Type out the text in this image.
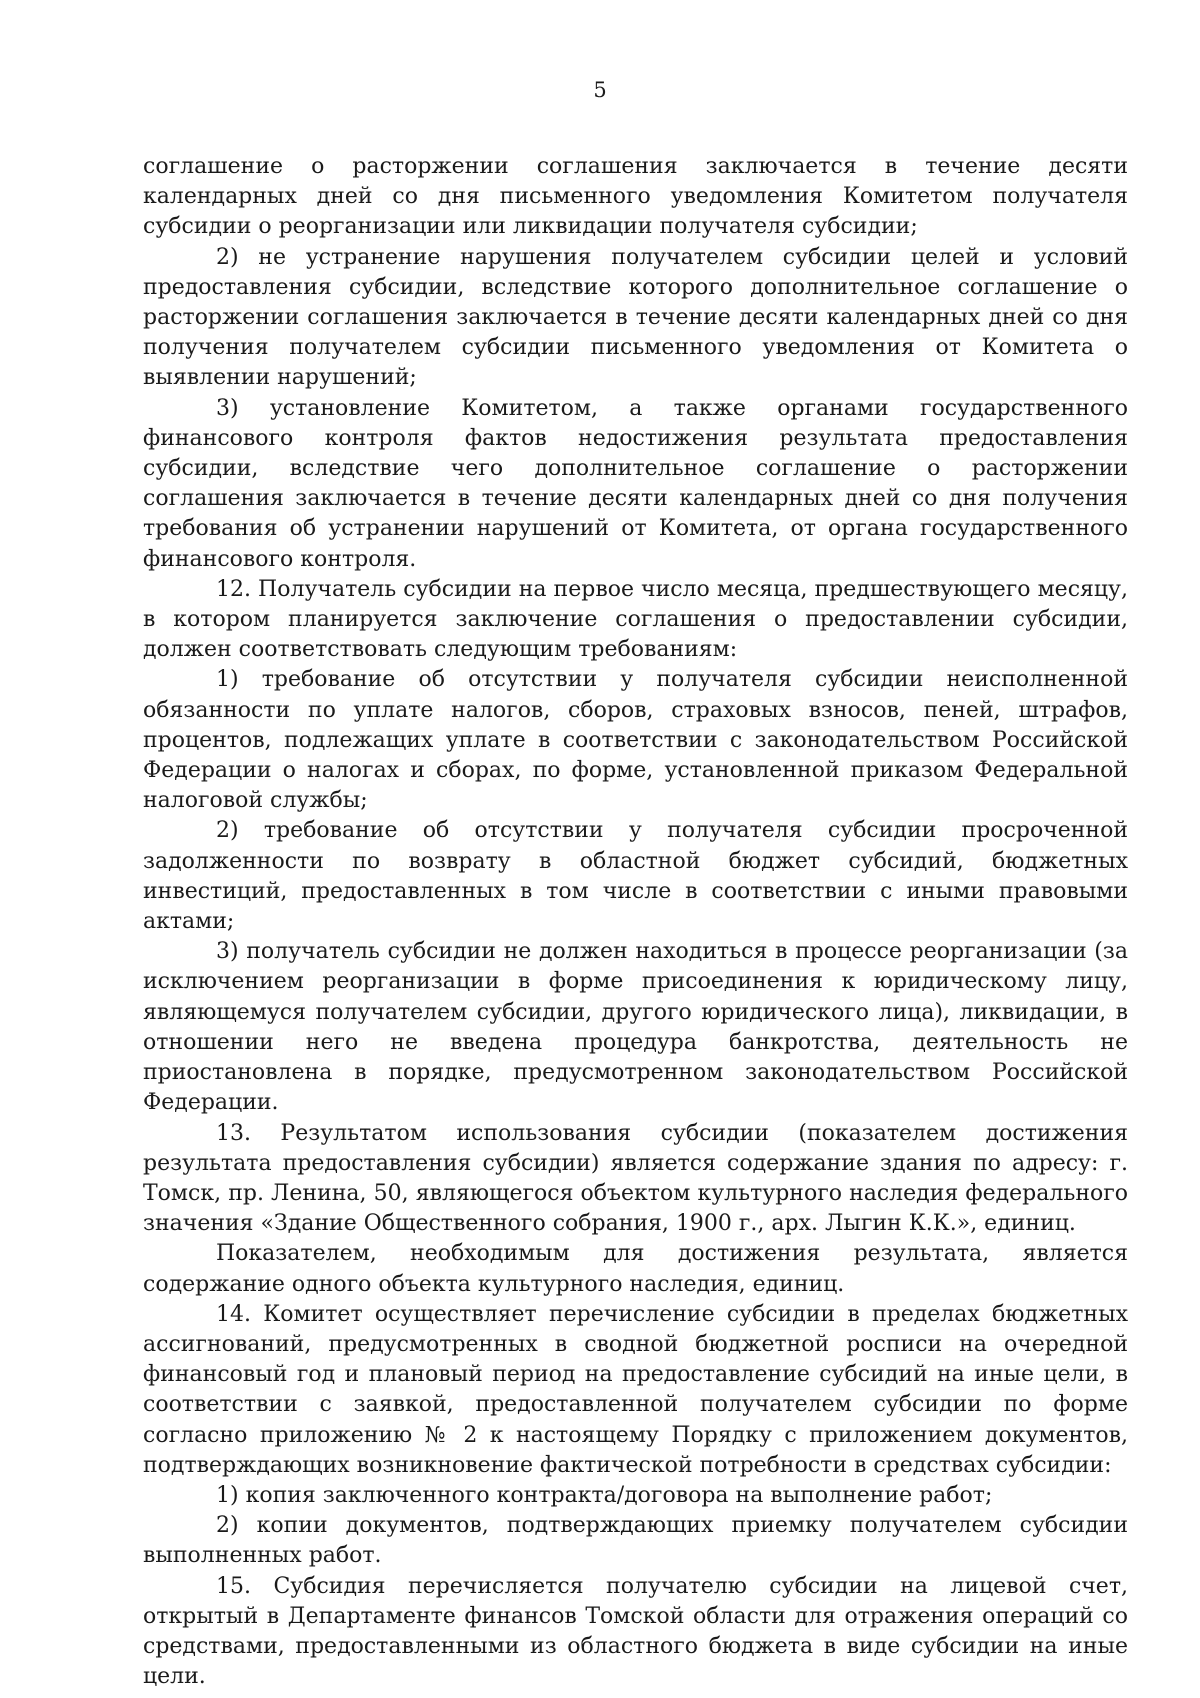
5

соглашение о расторжении соглашения заключается в течение десяти календарных дней со дня письменного уведомления Комитетом получателя субсидии о реорганизации или ликвидации получателя субсидии;

2) не устранение нарушения получателем субсидии целей и условий предоставления субсидии, вследствие которого дополнительное соглашение о расторжении соглашения заключается в течение десяти календарных дней со дня получения получателем субсидии письменного уведомления от Комитета о выявлении нарушений;

3) установление Комитетом, а также органами государственного финансового контроля фактов недостижения результата предоставления субсидии, вследствие чего дополнительное соглашение о расторжении соглашения заключается в течение десяти календарных дней со дня получения требования об устранении нарушений от Комитета, от органа государственного финансового контроля.

12. Получатель субсидии на первое число месяца, предшествующего месяцу, в котором планируется заключение соглашения о предоставлении субсидии, должен соответствовать следующим требованиям:

1) требование об отсутствии у получателя субсидии неисполненной обязанности по уплате налогов, сборов, страховых взносов, пеней, штрафов, процентов, подлежащих уплате в соответствии с законодательством Российской Федерации о налогах и сборах, по форме, установленной приказом Федеральной налоговой службы;

2) требование об отсутствии у получателя субсидии просроченной задолженности по возврату в областной бюджет субсидий, бюджетных инвестиций, предоставленных в том числе в соответствии с иными правовыми актами;

3) получатель субсидии не должен находиться в процессе реорганизации (за исключением реорганизации в форме присоединения к юридическому лицу, являющемуся получателем субсидии, другого юридического лица), ликвидации, в отношении него не введена процедура банкротства, деятельность не приостановлена в порядке, предусмотренном законодательством Российской Федерации.

13. Результатом использования субсидии (показателем достижения результата предоставления субсидии) является содержание здания по адресу: г. Томск, пр. Ленина, 50, являющегося объектом культурного наследия федерального значения «Здание Общественного собрания, 1900 г., арх. Лыгин К.К.», единиц.

Показателем, необходимым для достижения результата, является содержание одного объекта культурного наследия, единиц.

14. Комитет осуществляет перечисление субсидии в пределах бюджетных ассигнований, предусмотренных в сводной бюджетной росписи на очередной финансовый год и плановый период на предоставление субсидий на иные цели, в соответствии с заявкой, предоставленной получателем субсидии по форме согласно приложению № 2 к настоящему Порядку с приложением документов, подтверждающих возникновение фактической потребности в средствах субсидии:

1) копия заключенного контракта/договора на выполнение работ;

2) копии документов, подтверждающих приемку получателем субсидии выполненных работ.

15. Субсидия перечисляется получателю субсидии на лицевой счет, открытый в Департаменте финансов Томской области для отражения операций со средствами, предоставленными из областного бюджета в виде субсидии на иные цели.
